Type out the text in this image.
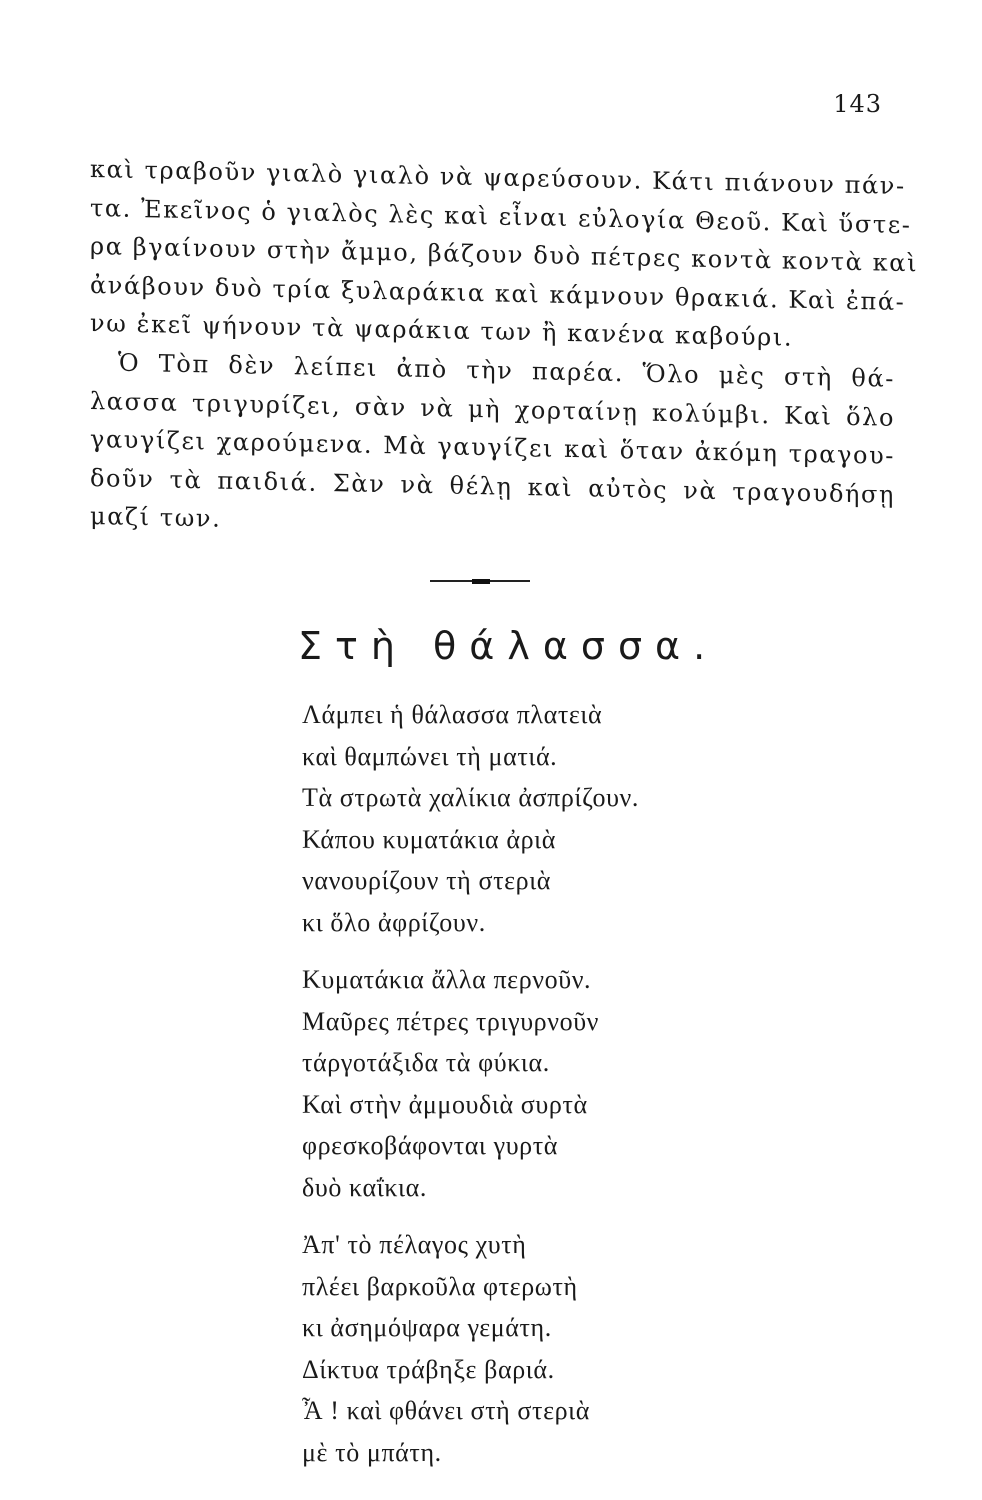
143
καὶ τραβοῦν γιαλὸ γιαλὸ νὰ ψαρεύσουν. Κάτι πιάνουν πάν-
τα. Ἐκεῖνος ὁ γιαλὸς λὲς καὶ εἶναι εὐλογία Θεοῦ. Καὶ ὕστε-
ρα βγαίνουν στὴν ἄμμο, βάζουν δυὸ πέτρες κοντὰ κοντὰ καὶ
ἀνάβουν δυὸ τρία ξυλαράκια καὶ κάμνουν θρακιά. Καὶ ἐπά-
νω ἐκεῖ ψήνουν τὰ ψαράκια των ἢ κανένα καβούρι.
Ὁ Τὸπ δὲν λείπει ἀπὸ τὴν παρέα. Ὅλο μὲς στὴ θά-
λασσα τριγυρίζει, σὰν νὰ μὴ χορταίνῃ κολύμβι. Καὶ ὅλο
γαυγίζει χαρούμενα. Μὰ γαυγίζει καὶ ὅταν ἀκόμη τραγου-
δοῦν τὰ παιδιά. Σὰν νὰ θέλῃ καὶ αὐτὸς νὰ τραγουδήσῃ
μαζί των.
Στὴ θάλασσα.
Λάμπει ἡ θάλασσα πλατειὰ
καὶ θαμπώνει τὴ ματιά.
Τὰ στρωτὰ χαλίκια ἀσπρίζουν.
Κάπου κυματάκια ἀριὰ
νανουρίζουν τὴ στεριὰ
κι ὅλο ἀφρίζουν.
Κυματάκια ἄλλα περνοῦν.
Μαῦρες πέτρες τριγυρνοῦν
τάργοτάξιδα τὰ φύκια.
Καὶ στὴν ἀμμουδιὰ συρτὰ
φρεσκοβάφονται γυρτὰ
δυὸ καΐκια.
Ἀπ' τὸ πέλαγος χυτὴ
πλέει βαρκοῦλα φτερωτὴ
κι ἀσημόψαρα γεμάτη.
Δίκτυα τράβηξε βαριά.
Ἆ ! καὶ φθάνει στὴ στεριὰ
μὲ τὸ μπάτη.
